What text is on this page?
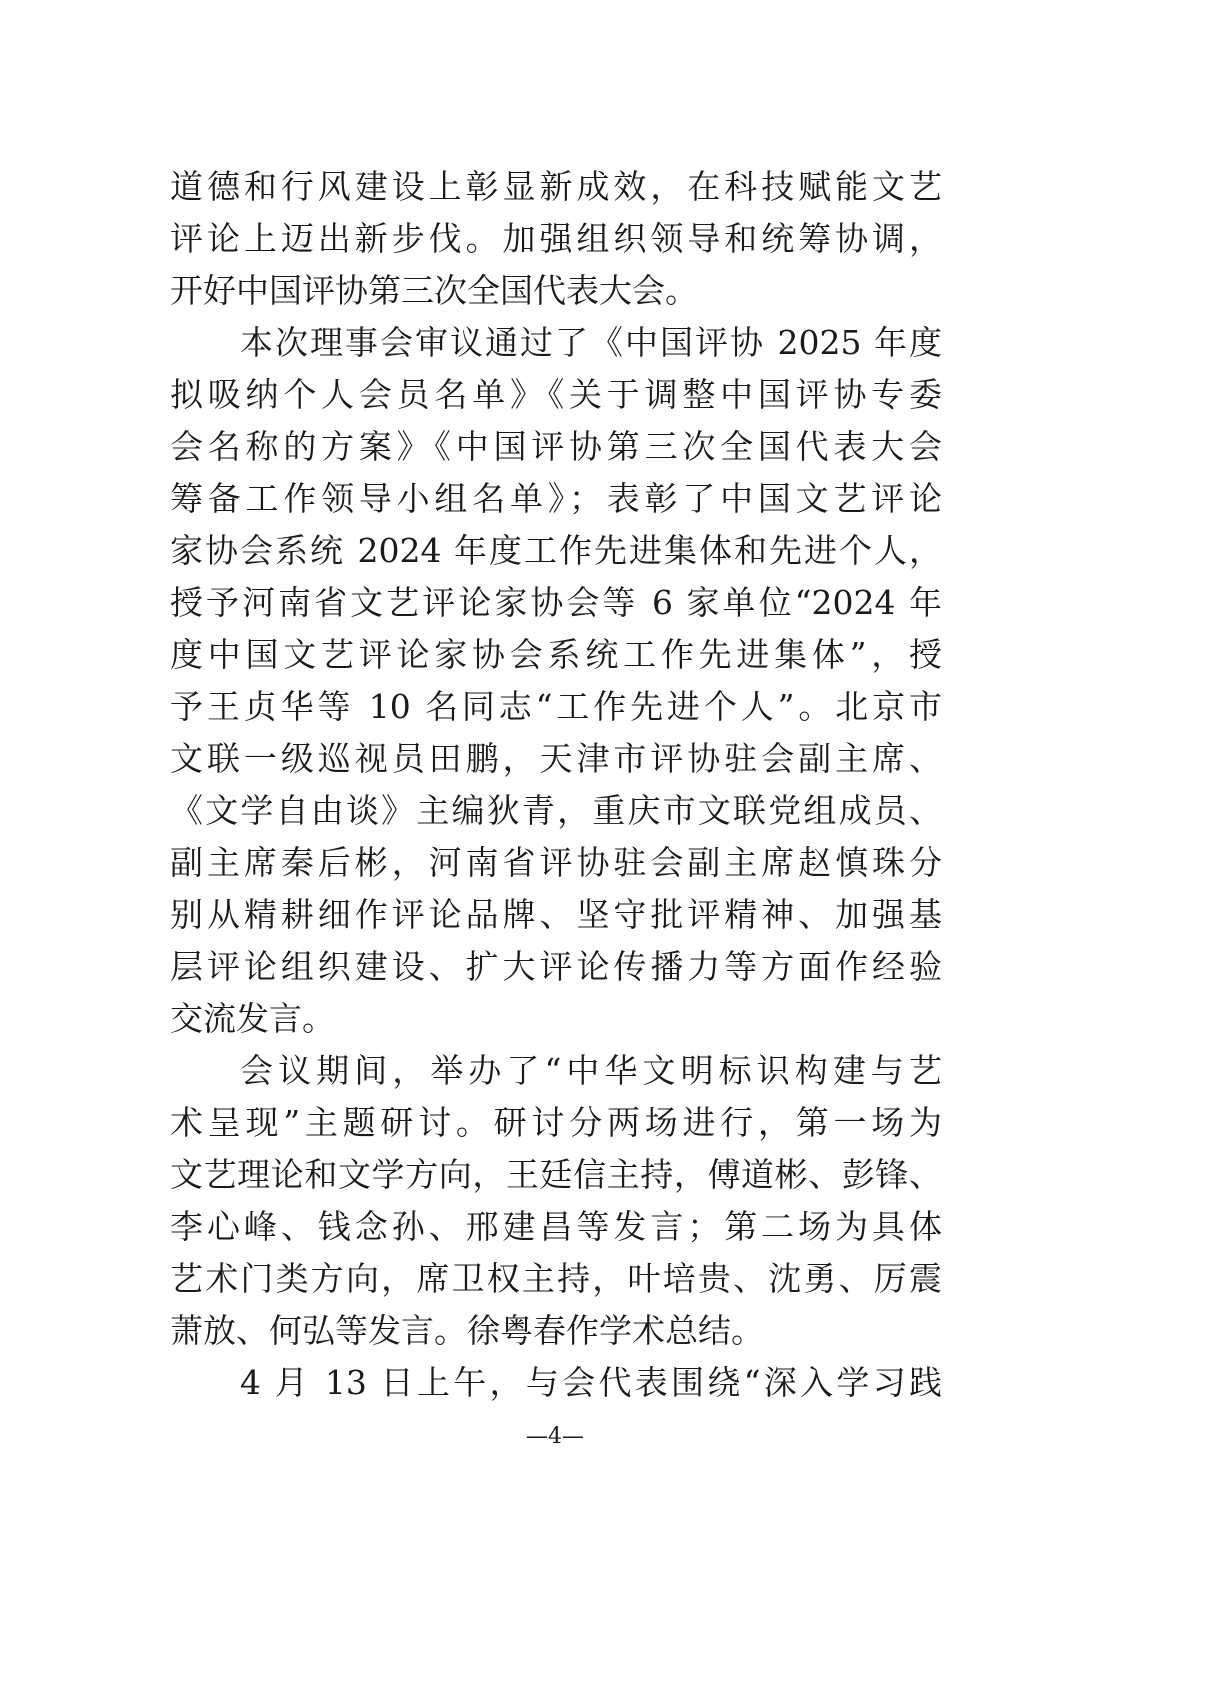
道德和行风建设上彰显新成效，在科技赋能文艺
评论上迈出新步伐。加强组织领导和统筹协调，
开好中国评协第三次全国代表大会。
本次理事会审议通过了《中国评协 2025 年度
拟吸纳个人会员名单》《关于调整中国评协专委
会名称的方案》《中国评协第三次全国代表大会
筹备工作领导小组名单》；表彰了中国文艺评论
家协会系统 2024 年度工作先进集体和先进个人，
授予河南省文艺评论家协会等 6 家单位“2024 年
度中国文艺评论家协会系统工作先进集体”，授
予王贞华等 10 名同志“工作先进个人”。北京市
文联一级巡视员田鹏，天津市评协驻会副主席、
《文学自由谈》主编狄青，重庆市文联党组成员、
副主席秦后彬，河南省评协驻会副主席赵慎珠分
别从精耕细作评论品牌、坚守批评精神、加强基
层评论组织建设、扩大评论传播力等方面作经验
交流发言。
会议期间，举办了“中华文明标识构建与艺
术呈现”主题研讨。研讨分两场进行，第一场为
文艺理论和文学方向，王廷信主持，傅道彬、彭锋、
李心峰、钱念孙、邢建昌等发言；第二场为具体
艺术门类方向，席卫权主持，叶培贵、沈勇、厉震
萧放、何弘等发言。徐粤春作学术总结。
4 月 13 日上午，与会代表围绕“深入学习践
—4—
